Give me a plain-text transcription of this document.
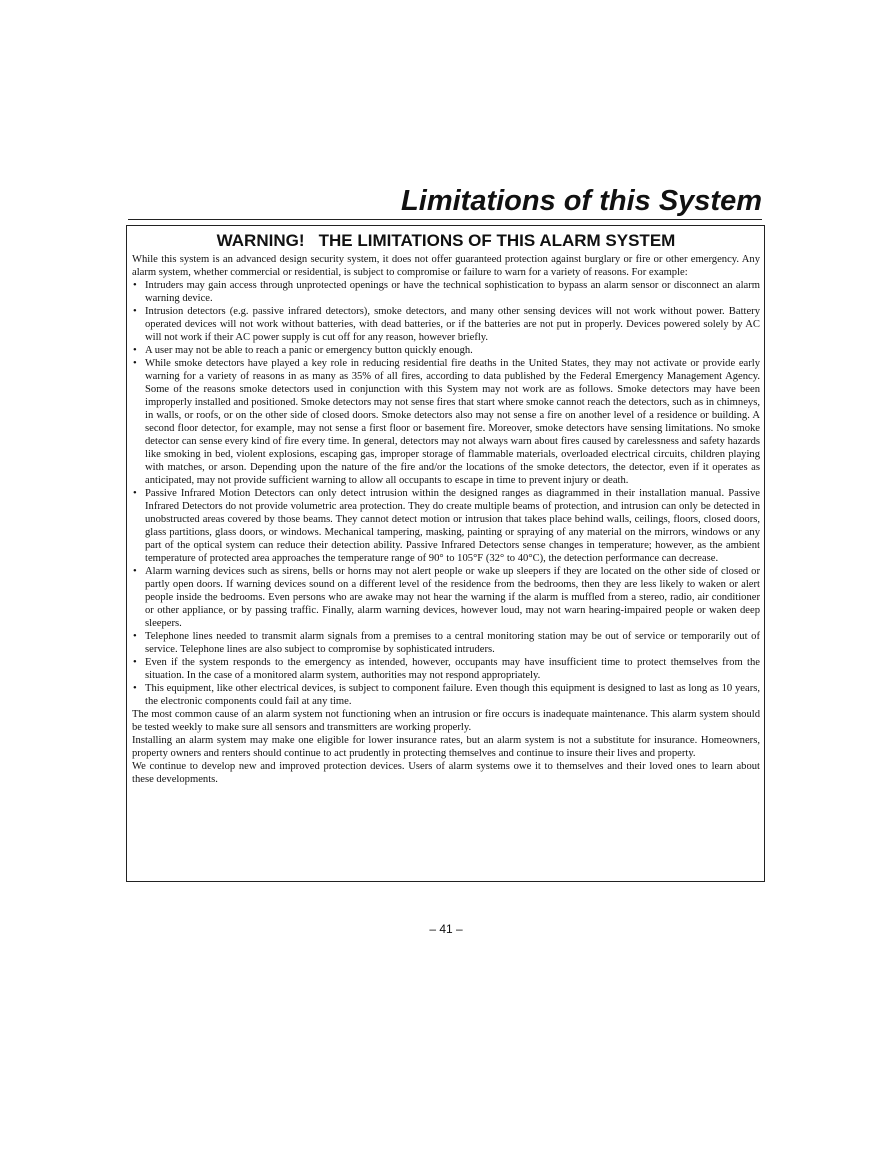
Limitations of this System
WARNING!   THE LIMITATIONS OF THIS ALARM SYSTEM

While this system is an advanced design security system, it does not offer guaranteed protection against burglary or fire or other emergency. Any alarm system, whether commercial or residential, is subject to compromise or failure to warn for a variety of reasons. For example:

• Intruders may gain access through unprotected openings or have the technical sophistication to bypass an alarm sensor or disconnect an alarm warning device.
• Intrusion detectors (e.g. passive infrared detectors), smoke detectors, and many other sensing devices will not work without power. Battery operated devices will not work without batteries, with dead batteries, or if the batteries are not put in properly. Devices powered solely by AC will not work if their AC power supply is cut off for any reason, however briefly.
• A user may not be able to reach a panic or emergency button quickly enough.
• While smoke detectors have played a key role in reducing residential fire deaths in the United States, they may not activate or provide early warning for a variety of reasons in as many as 35% of all fires, according to data published by the Federal Emergency Management Agency. Some of the reasons smoke detectors used in conjunction with this System may not work are as follows. Smoke detectors may have been improperly installed and positioned. Smoke detectors may not sense fires that start where smoke cannot reach the detectors, such as in chimneys, in walls, or roofs, or on the other side of closed doors. Smoke detectors also may not sense a fire on another level of a residence or building. A second floor detector, for example, may not sense a first floor or basement fire. Moreover, smoke detectors have sensing limitations. No smoke detector can sense every kind of fire every time. In general, detectors may not always warn about fires caused by carelessness and safety hazards like smoking in bed, violent explosions, escaping gas, improper storage of flammable materials, overloaded electrical circuits, children playing with matches, or arson. Depending upon the nature of the fire and/or the locations of the smoke detectors, the detector, even if it operates as anticipated, may not provide sufficient warning to allow all occupants to escape in time to prevent injury or death.
• Passive Infrared Motion Detectors can only detect intrusion within the designed ranges as diagrammed in their installation manual. Passive Infrared Detectors do not provide volumetric area protection. They do create multiple beams of protection, and intrusion can only be detected in unobstructed areas covered by those beams. They cannot detect motion or intrusion that takes place behind walls, ceilings, floors, closed doors, glass partitions, glass doors, or windows. Mechanical tampering, masking, painting or spraying of any material on the mirrors, windows or any part of the optical system can reduce their detection ability. Passive Infrared Detectors sense changes in temperature; however, as the ambient temperature of protected area approaches the temperature range of 90° to 105°F (32° to 40°C), the detection performance can decrease.
• Alarm warning devices such as sirens, bells or horns may not alert people or wake up sleepers if they are located on the other side of closed or partly open doors. If warning devices sound on a different level of the residence from the bedrooms, then they are less likely to waken or alert people inside the bedrooms. Even persons who are awake may not hear the warning if the alarm is muffled from a stereo, radio, air conditioner or other appliance, or by passing traffic. Finally, alarm warning devices, however loud, may not warn hearing-impaired people or waken deep sleepers.
• Telephone lines needed to transmit alarm signals from a premises to a central monitoring station may be out of service or temporarily out of service. Telephone lines are also subject to compromise by sophisticated intruders.
• Even if the system responds to the emergency as intended, however, occupants may have insufficient time to protect themselves from the situation. In the case of a monitored alarm system, authorities may not respond appropriately.
• This equipment, like other electrical devices, is subject to component failure. Even though this equipment is designed to last as long as 10 years, the electronic components could fail at any time.

The most common cause of an alarm system not functioning when an intrusion or fire occurs is inadequate maintenance. This alarm system should be tested weekly to make sure all sensors and transmitters are working properly.

Installing an alarm system may make one eligible for lower insurance rates, but an alarm system is not a substitute for insurance. Homeowners, property owners and renters should continue to act prudently in protecting themselves and continue to insure their lives and property.

We continue to develop new and improved protection devices. Users of alarm systems owe it to themselves and their loved ones to learn about these developments.

– 41 –
